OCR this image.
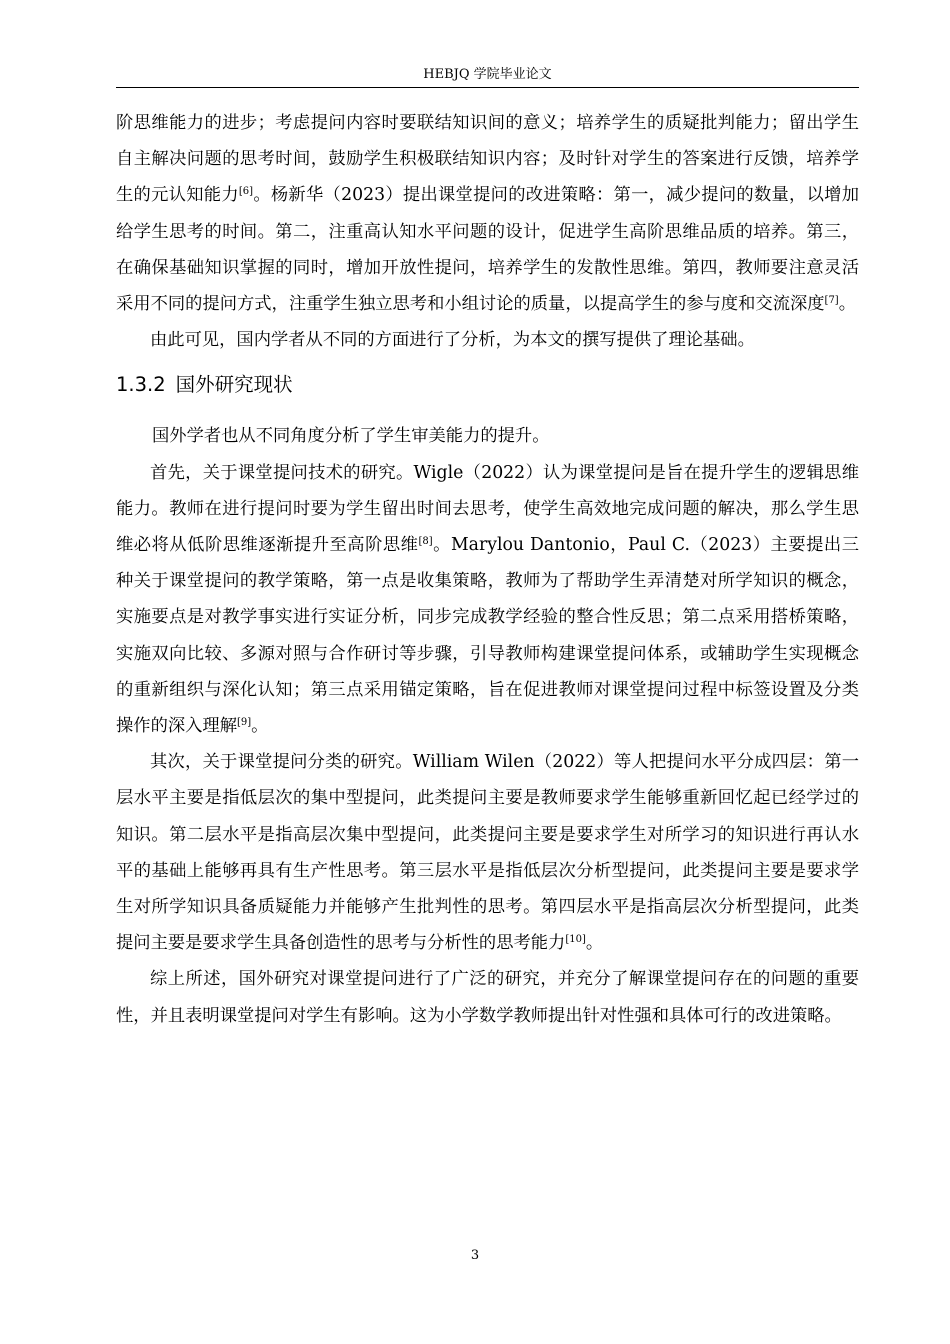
HEBJQ 学院毕业论文

阶思维能力的进步；考虑提问内容时要联结知识间的意义；培养学生的质疑批判能力；留出学生自主解决问题的思考时间，鼓励学生积极联结知识内容；及时针对学生的答案进行反馈，培养学生的元认知能力[6]。杨新华（2023）提出课堂提问的改进策略：第一，减少提问的数量，以增加给学生思考的时间。第二，注重高认知水平问题的设计，促进学生高阶思维品质的培养。第三，在确保基础知识掌握的同时，增加开放性提问，培养学生的发散性思维。第四，教师要注意灵活采用不同的提问方式，注重学生独立思考和小组讨论的质量，以提高学生的参与度和交流深度[7]。

由此可见，国内学者从不同的方面进行了分析，为本文的撰写提供了理论基础。

1.3.2 国外研究现状

国外学者也从不同角度分析了学生审美能力的提升。

首先，关于课堂提问技术的研究。Wigle（2022）认为课堂提问是旨在提升学生的逻辑思维能力。教师在进行提问时要为学生留出时间去思考，使学生高效地完成问题的解决，那么学生思维必将从低阶思维逐渐提升至高阶思维[8]。Marylou Dantonio，Paul C.（2023）主要提出三种关于课堂提问的教学策略，第一点是收集策略，教师为了帮助学生弄清楚对所学知识的概念，实施要点是对教学事实进行实证分析，同步完成教学经验的整合性反思；第二点采用搭桥策略，实施双向比较、多源对照与合作研讨等步骤，引导教师构建课堂提问体系，或辅助学生实现概念的重新组织与深化认知；第三点采用锚定策略，旨在促进教师对课堂提问过程中标签设置及分类操作的深入理解[9]。

其次，关于课堂提问分类的研究。William Wilen（2022）等人把提问水平分成四层：第一层水平主要是指低层次的集中型提问，此类提问主要是教师要求学生能够重新回忆起已经学过的知识。第二层水平是指高层次集中型提问，此类提问主要是要求学生对所学习的知识进行再认水平的基础上能够再具有生产性思考。第三层水平是指低层次分析型提问，此类提问主要是要求学生对所学知识具备质疑能力并能够产生批判性的思考。第四层水平是指高层次分析型提问，此类提问主要是要求学生具备创造性的思考与分析性的思考能力[10]。

综上所述，国外研究对课堂提问进行了广泛的研究，并充分了解课堂提问存在的问题的重要性，并且表明课堂提问对学生有影响。这为小学数学教师提出针对性强和具体可行的改进策略。

3
